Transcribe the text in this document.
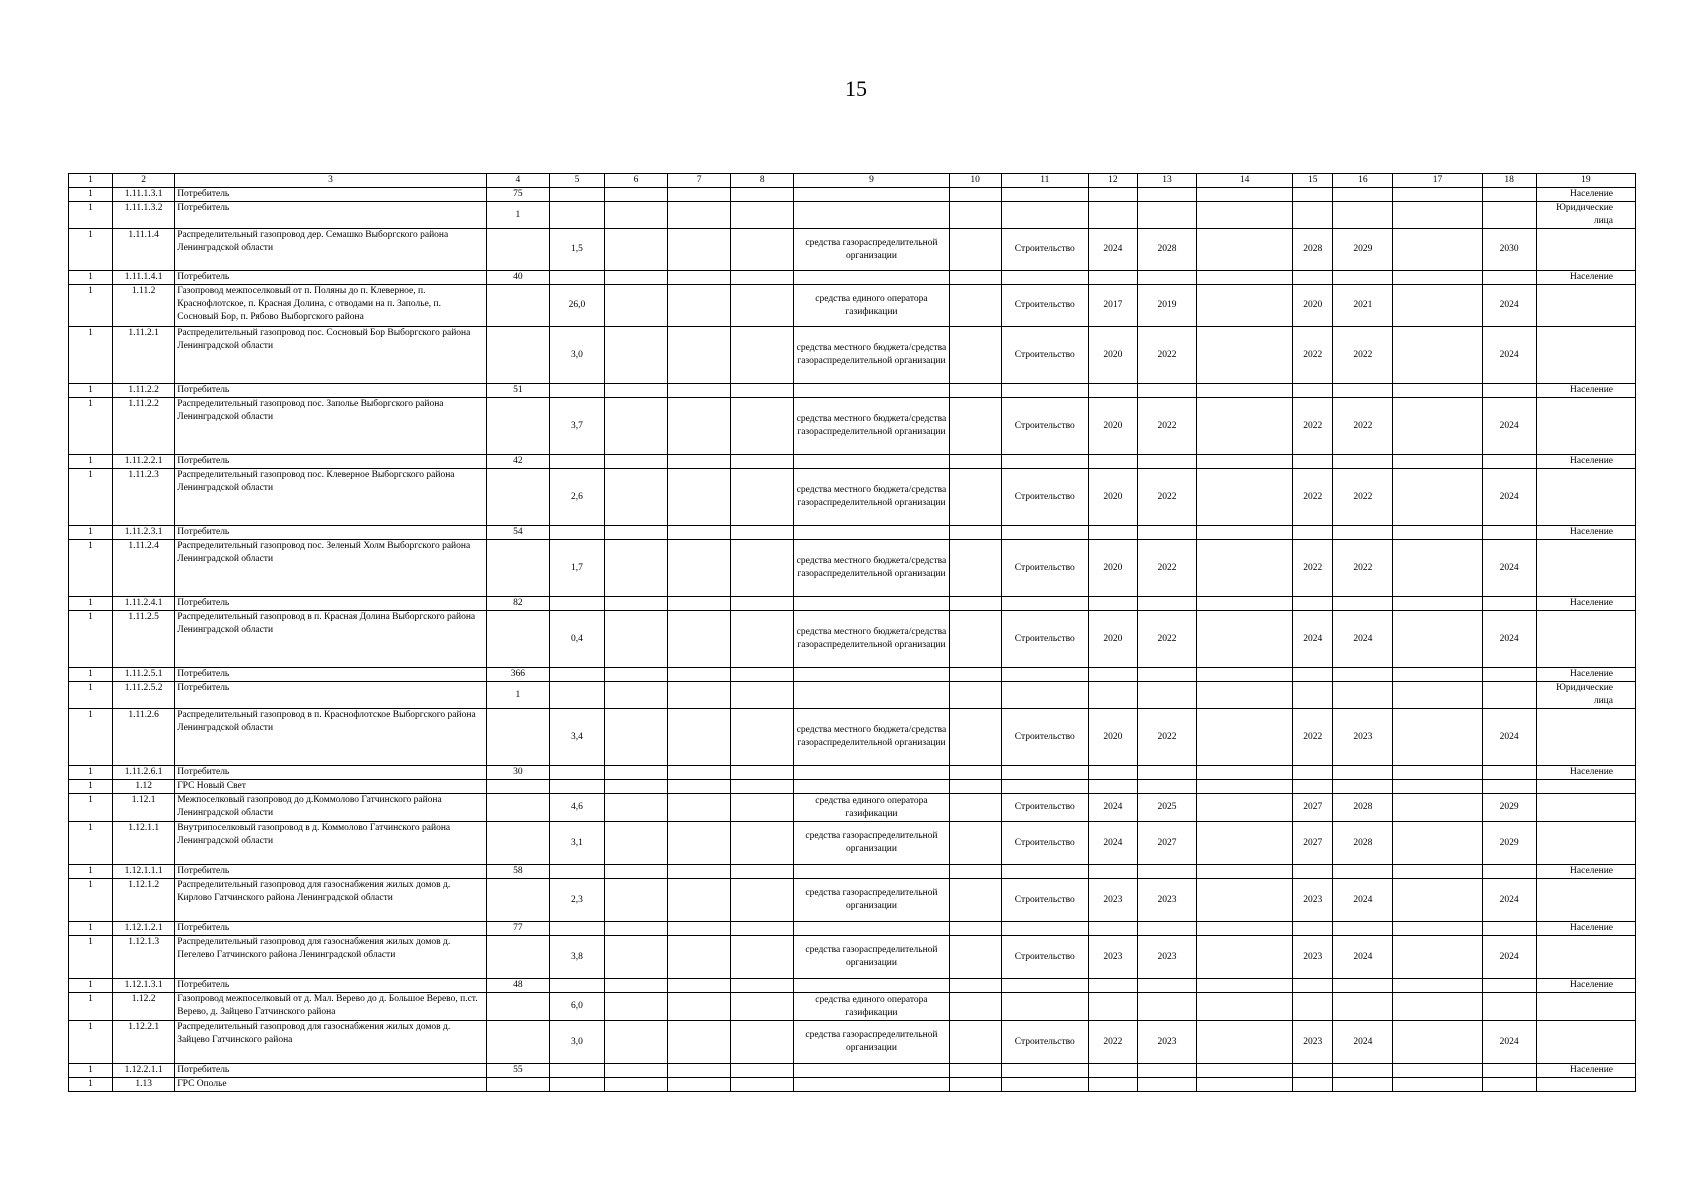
15
1	2	3	4	5	6	7	8	9	10	11	12	13	14	15	16	17	18	19
1	1.11.1.3.1	Потребитель	75															Население
1	1.11.1.3.2	Потребитель	1															Юридические лица
1	1.11.1.4	Распределительный газопровод дер. Семашко Выборгского района Ленинградской области		1,5				средства газораспределительной организации		Строительство	2024	2028		2028	2029		2030	
1	1.11.1.4.1	Потребитель	40															Население
1	1.11.2	Газопровод межпоселковый от п. Поляны до п. Клеверное, п. Краснофлотское, п. Красная Долина, с отводами на п. Заполье, п. Сосновый Бор, п. Рябово Выборгского района		26,0				средства единого оператора газификации		Строительство	2017	2019		2020	2021		2024	
1	1.11.2.1	Распределительный газопровод пос. Сосновый Бор Выборгского района Ленинградской области		3,0				средства местного бюджета/средства газораспределительной организации		Строительство	2020	2022		2022	2022		2024	
1	1.11.2.2	Потребитель	51															Население
1	1.11.2.2	Распределительный газопровод пос. Заполье Выборгского района Ленинградской области		3,7				средства местного бюджета/средства газораспределительной организации		Строительство	2020	2022		2022	2022		2024	
1	1.11.2.2.1	Потребитель	42															Население
1	1.11.2.3	Распределительный газопровод пос. Клеверное Выборгского района Ленинградской области		2,6				средства местного бюджета/средства газораспределительной организации		Строительство	2020	2022		2022	2022		2024	
1	1.11.2.3.1	Потребитель	54															Население
1	1.11.2.4	Распределительный газопровод пос. Зеленый Холм Выборгского района Ленинградской области		1,7				средства местного бюджета/средства газораспределительной организации		Строительство	2020	2022		2022	2022		2024	
1	1.11.2.4.1	Потребитель	82															Население
1	1.11.2.5	Распределительный газопровод в п. Красная Долина Выборгского района Ленинградской области		0,4				средства местного бюджета/средства газораспределительной организации		Строительство	2020	2022		2024	2024		2024	
1	1.11.2.5.1	Потребитель	366															Население
1	1.11.2.5.2	Потребитель	1															Юридические лица
1	1.11.2.6	Распределительный газопровод в п. Краснофлотское Выборгского района Ленинградской области		3,4				средства местного бюджета/средства газораспределительной организации		Строительство	2020	2022		2022	2023		2024	
1	1.11.2.6.1	Потребитель	30															Население
1	1.12	ГРС Новый Свет																
1	1.12.1	Межпоселковый газопровод до д.Коммолово Гатчинского района Ленинградской области		4,6				средства единого оператора газификации		Строительство	2024	2025		2027	2028		2029	
1	1.12.1.1	Внутрипоселковый газопровод в д. Коммолово Гатчинского района Ленинградской области		3,1				средства газораспределительной организации		Строительство	2024	2027		2027	2028		2029	
1	1.12.1.1.1	Потребитель	58															Население
1	1.12.1.2	Распределительный газопровод для газоснабжения жилых домов д. Кирлово Гатчинского района Ленинградской области		2,3				средства газораспределительной организации		Строительство	2023	2023		2023	2024		2024	
1	1.12.1.2.1	Потребитель	77															Население
1	1.12.1.3	Распределительный газопровод для газоснабжения жилых домов д. Пегелево Гатчинского района Ленинградской области		3,8				средства газораспределительной организации		Строительство	2023	2023		2023	2024		2024	
1	1.12.1.3.1	Потребитель	48															Население
1	1.12.2	Газопровод межпоселковый от д. Мал. Верево до д. Большое Верево, п.ст. Верево, д. Зайцево Гатчинского района		6,0				средства единого оператора газификации										
1	1.12.2.1	Распределительный газопровод для газоснабжения жилых домов д. Зайцево Гатчинского района		3,0				средства газораспределительной организации		Строительство	2022	2023		2023	2024		2024	
1	1.12.2.1.1	Потребитель	55															Население
1	1.13	ГРС Ополье																
